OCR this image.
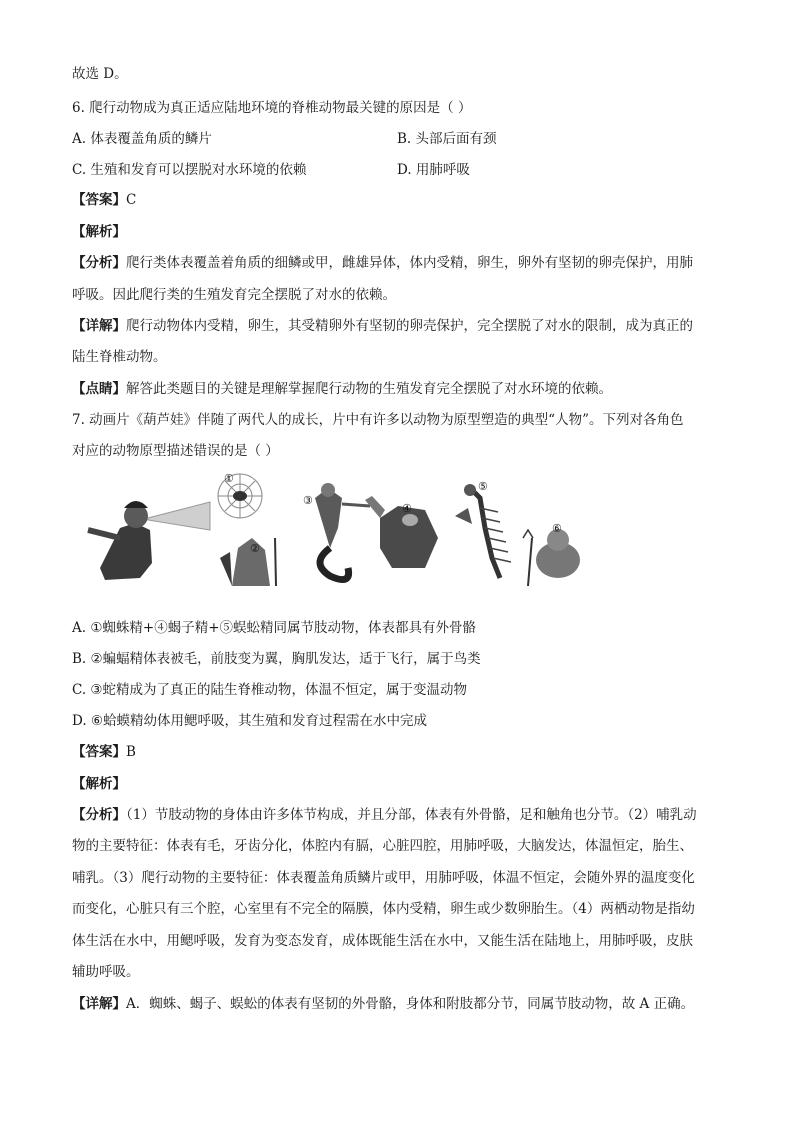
故选 D。
6. 爬行动物成为真正适应陆地环境的脊椎动物最关键的原因是（ ）
A. 体表覆盖角质的鳞片	B. 头部后面有颈
C. 生殖和发育可以摆脱对水环境的依赖	D. 用肺呼吸
【答案】C
【解析】
【分析】爬行类体表覆盖着角质的细鳞或甲，雌雄异体，体内受精，卵生，卵外有坚韧的卵壳保护，用肺
呼吸。因此爬行类的生殖发育完全摆脱了对水的依赖。
【详解】爬行动物体内受精，卵生，其受精卵外有坚韧的卵壳保护，完全摆脱了对水的限制，成为真正的
陆生脊椎动物。
【点睛】解答此类题目的关键是理解掌握爬行动物的生殖发育完全摆脱了对水环境的依赖。
7. 动画片《葫芦娃》伴随了两代人的成长，片中有许多以动物为原型塑造的典型“人物”。下列对各角色
对应的动物原型描述错误的是（ ）
①
②
③
④
⑤
⑥
A. ①蜘蛛精+④蝎子精+⑤蜈蚣精同属节肢动物，体表都具有外骨骼
B. ②蝙蝠精体表被毛，前肢变为翼，胸肌发达，适于飞行，属于鸟类
C. ③蛇精成为了真正的陆生脊椎动物，体温不恒定，属于变温动物
D. ⑥蛤蟆精幼体用鳃呼吸，其生殖和发育过程需在水中完成
【答案】B
【解析】
【分析】（1）节肢动物的身体由许多体节构成，并且分部，体表有外骨骼，足和触角也分节。（2）哺乳动
物的主要特征：体表有毛，牙齿分化，体腔内有膈，心脏四腔，用肺呼吸，大脑发达，体温恒定，胎生、
哺乳。（3）爬行动物的主要特征：体表覆盖角质鳞片或甲，用肺呼吸，体温不恒定，会随外界的温度变化
而变化，心脏只有三个腔，心室里有不完全的隔膜，体内受精，卵生或少数卵胎生。（4）两栖动物是指幼
体生活在水中，用鳃呼吸，发育为变态发育，成体既能生活在水中，又能生活在陆地上，用肺呼吸，皮肤
辅助呼吸。
【详解】A．蜘蛛、蝎子、蜈蚣的体表有坚韧的外骨骼，身体和附肢都分节，同属节肢动物，故 A 正确。
